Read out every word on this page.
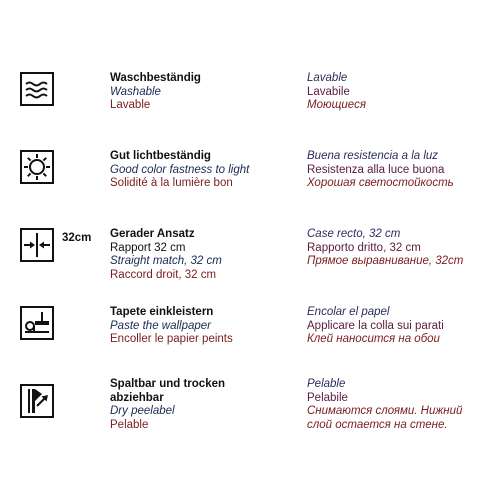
Waschbeständig
Washable
Lavable
Lavable
Lavabile
Моющиеся
Gut lichtbeständig
Good color fastness to light
Solidité à la lumière bon
Buena resistencia a la luz
Resistenza alla luce buona
Хорошая светостойкость
32cm Gerader Ansatz
Rapport 32 cm
Straight match, 32 cm
Raccord droit, 32 cm
Case recto, 32 cm
Rapporto dritto, 32 cm
Прямое выравнивание, 32cm
Tapete einkleistern
Paste the wallpaper
Encoller le papier peints
Encolar el papel
Applicare la colla sui parati
Клей наносится на обои
Spaltbar und trocken
abziehbar
Dry peelabel
Pelable
Pelable
Pelabile
Снимаются слоями. Нижний
слой остается на стене.
